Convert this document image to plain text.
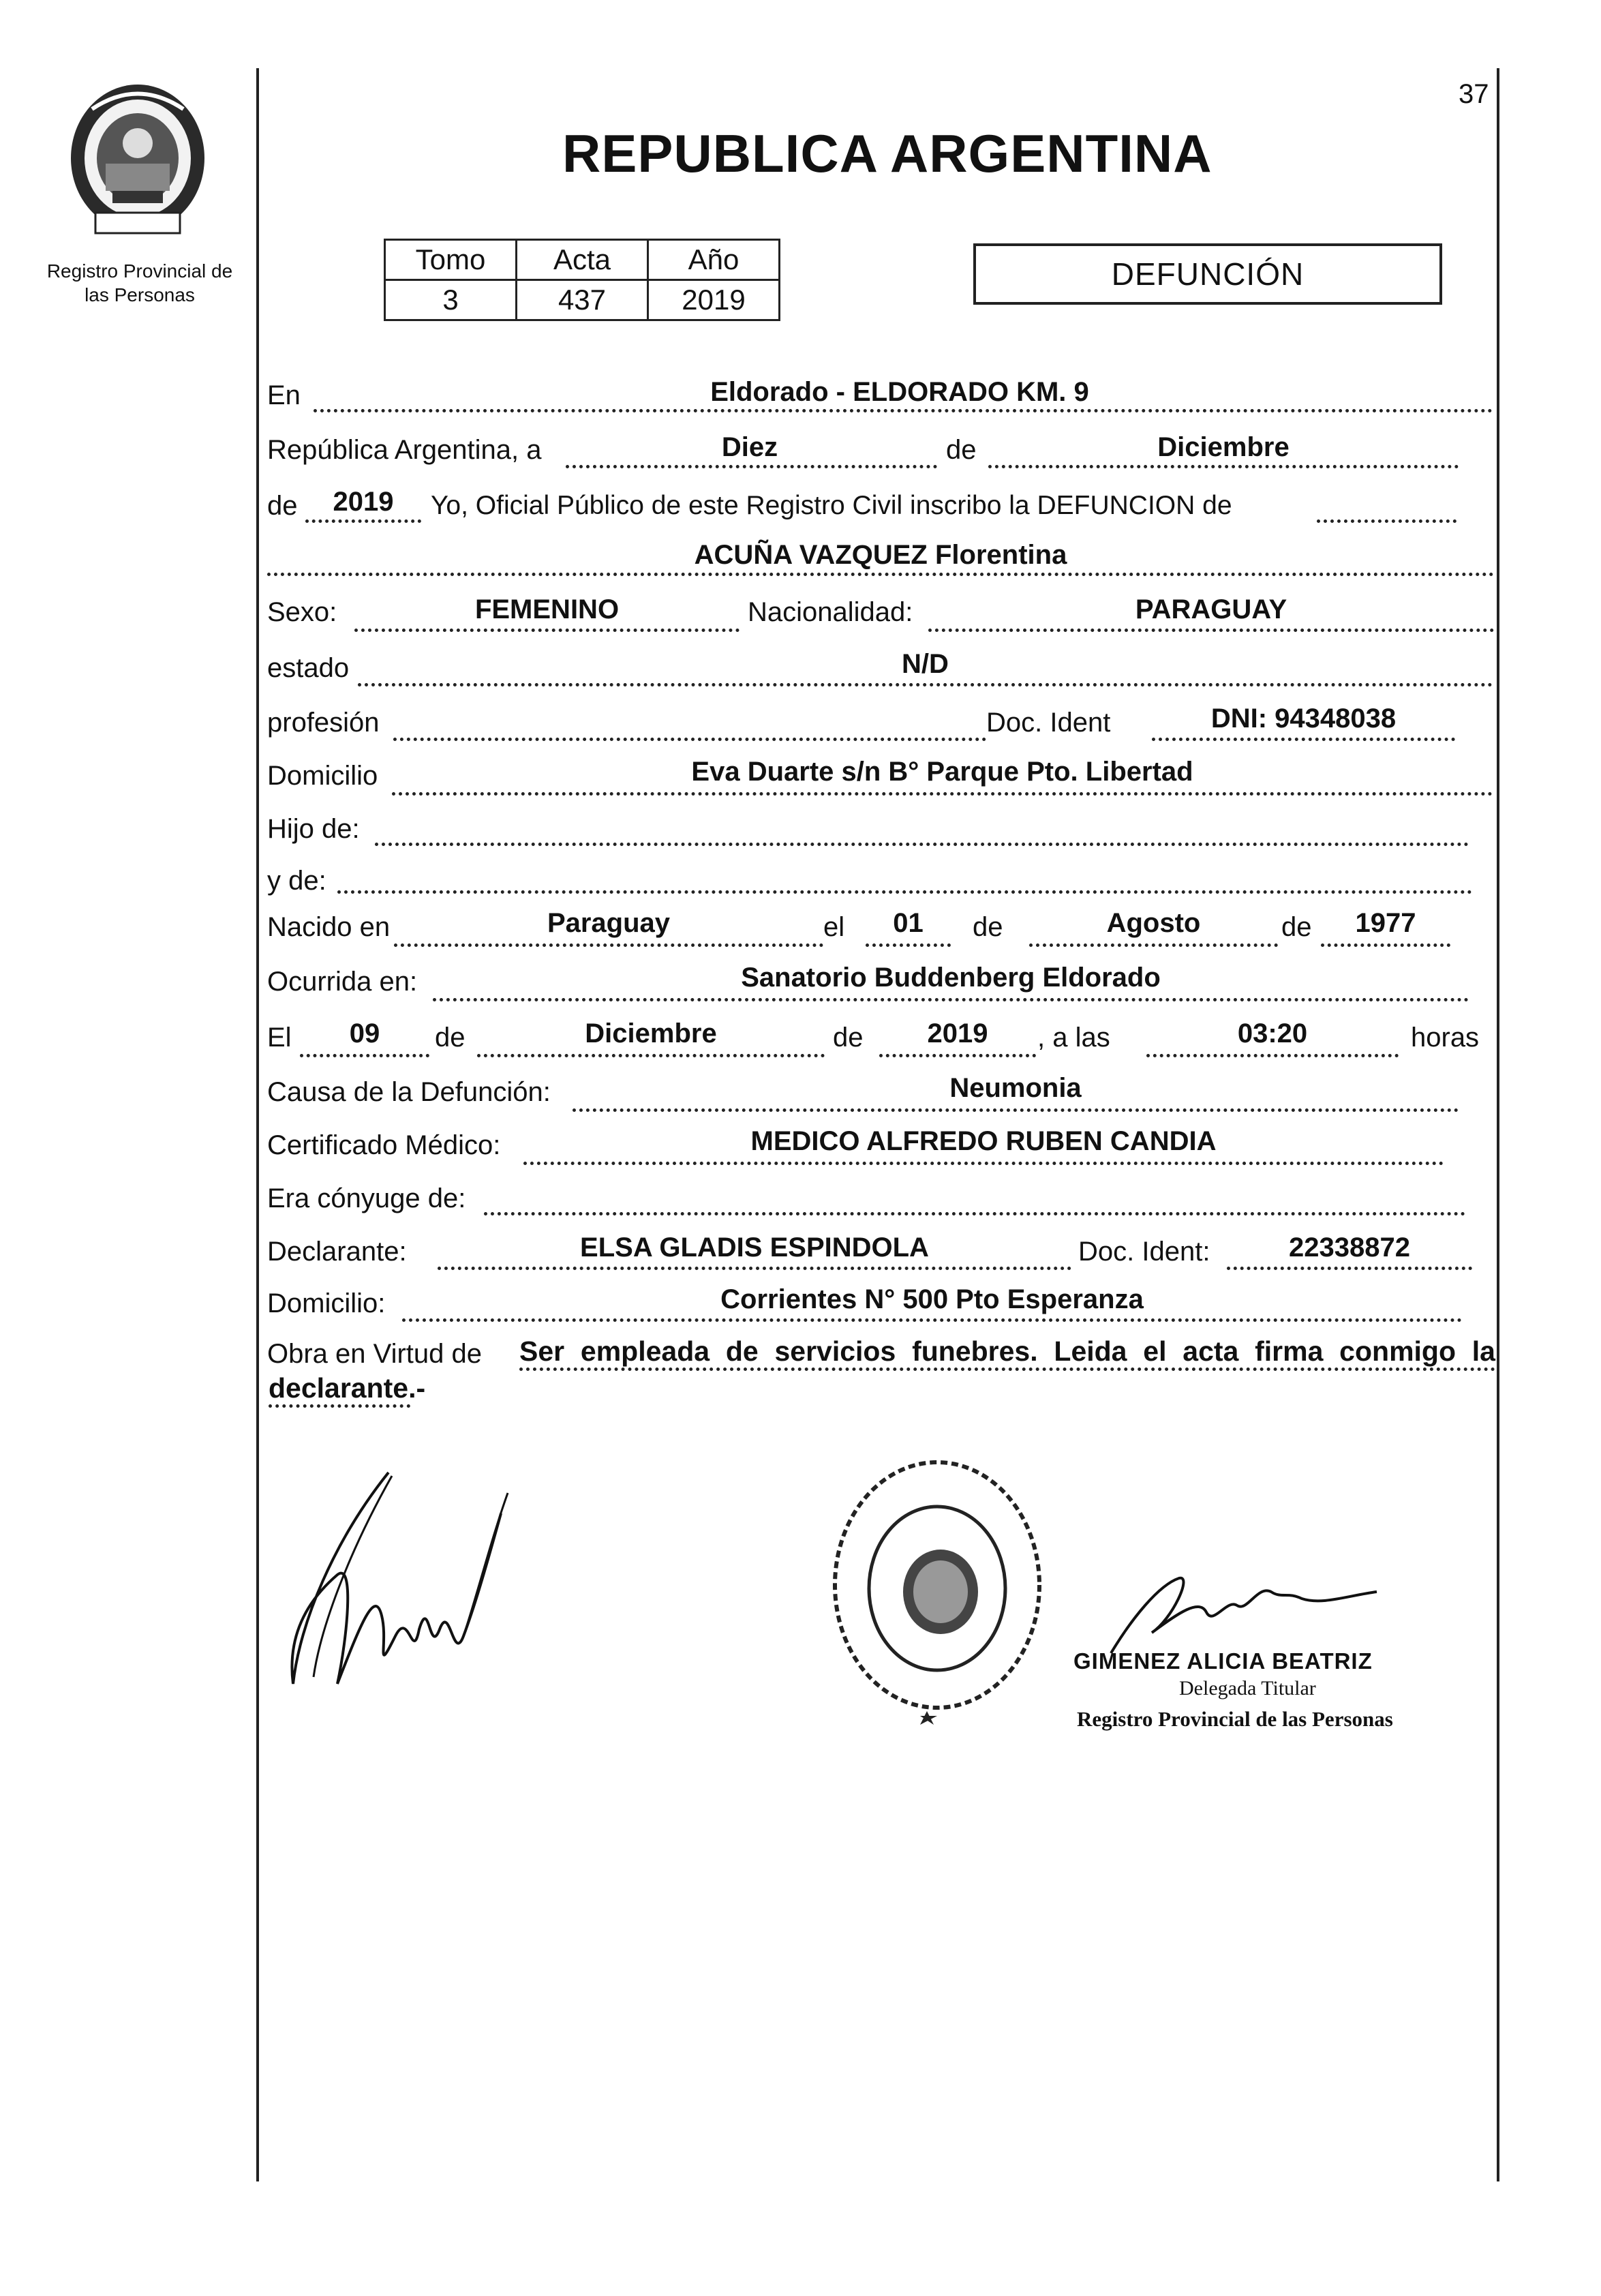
37
Registro Provincial de
las Personas
REPUBLICA ARGENTINA
Tomo	Acta	Año
3	437	2019
DEFUNCIÓN
En	Eldorado - ELDORADO KM. 9
República Argentina, a	Diez	de	Diciembre
de	2019	Yo, Oficial Público de este Registro Civil inscribo la DEFUNCION de
ACUÑA VAZQUEZ Florentina
Sexo:	FEMENINO	Nacionalidad:	PARAGUAY
estado	N/D
profesión	Doc. Ident	DNI: 94348038
Domicilio	Eva Duarte s/n B° Parque Pto. Libertad
Hijo de:
y de:
Nacido en	Paraguay	el	01	de	Agosto	de	1977
Ocurrida en:	Sanatorio Buddenberg Eldorado
El	09	de	Diciembre	de	2019	, a las	03:20	horas
Causa de la Defunción:	Neumonia
Certificado Médico:	MEDICO ALFREDO RUBEN CANDIA
Era cónyuge de:
Declarante:	ELSA GLADIS ESPINDOLA	Doc. Ident:	22338872
Domicilio:	Corrientes N° 500 Pto Esperanza
Obra en Virtud de Ser empleada de servicios funebres. Leida el acta firma conmigo la
declarante.-
GIMENEZ ALICIA BEATRIZ
Delegada Titular
Registro Provincial de las Personas
